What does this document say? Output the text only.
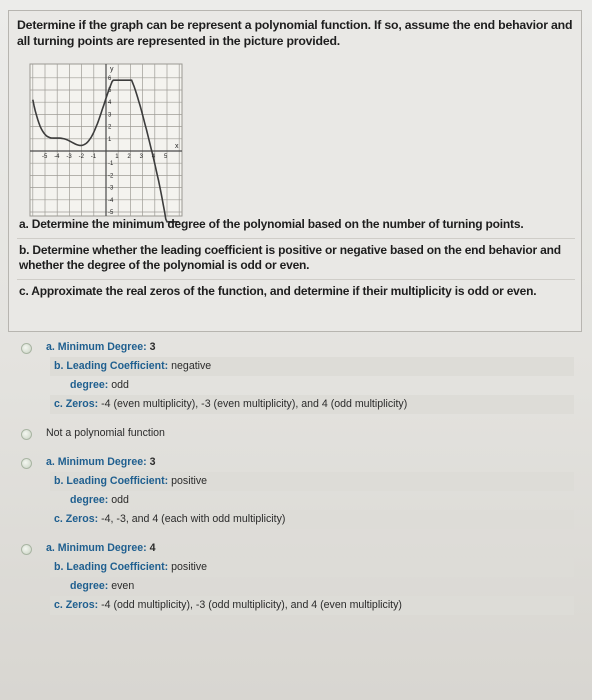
Determine if the graph can be represent a polynomial function. If so, assume the end behavior and all turning points are represented in the picture provided.
x
y
-5 -4 -3 -2 -1	1 2 3 4 5
6
5
4
3
2
1
-1
-2
-3
-4
-5
a. Determine the minimum degree of the polynomial based on the number of turning points.
b. Determine whether the leading coefficient is positive or negative based on the end behavior and whether the degree of the polynomial is odd or even.
c. Approximate the real zeros of the function, and determine if their multiplicity is odd or even.
a. Minimum Degree: 3
b. Leading Coefficient: negative
degree: odd
c. Zeros: -4 (even multiplicity), -3 (even multiplicity), and 4 (odd multiplicity)
Not a polynomial function
a. Minimum Degree: 3
b. Leading Coefficient: positive
degree: odd
c. Zeros: -4, -3, and 4 (each with odd multiplicity)
a. Minimum Degree: 4
b. Leading Coefficient: positive
degree: even
c. Zeros: -4 (odd multiplicity), -3 (odd multiplicity), and 4 (even multiplicity)
